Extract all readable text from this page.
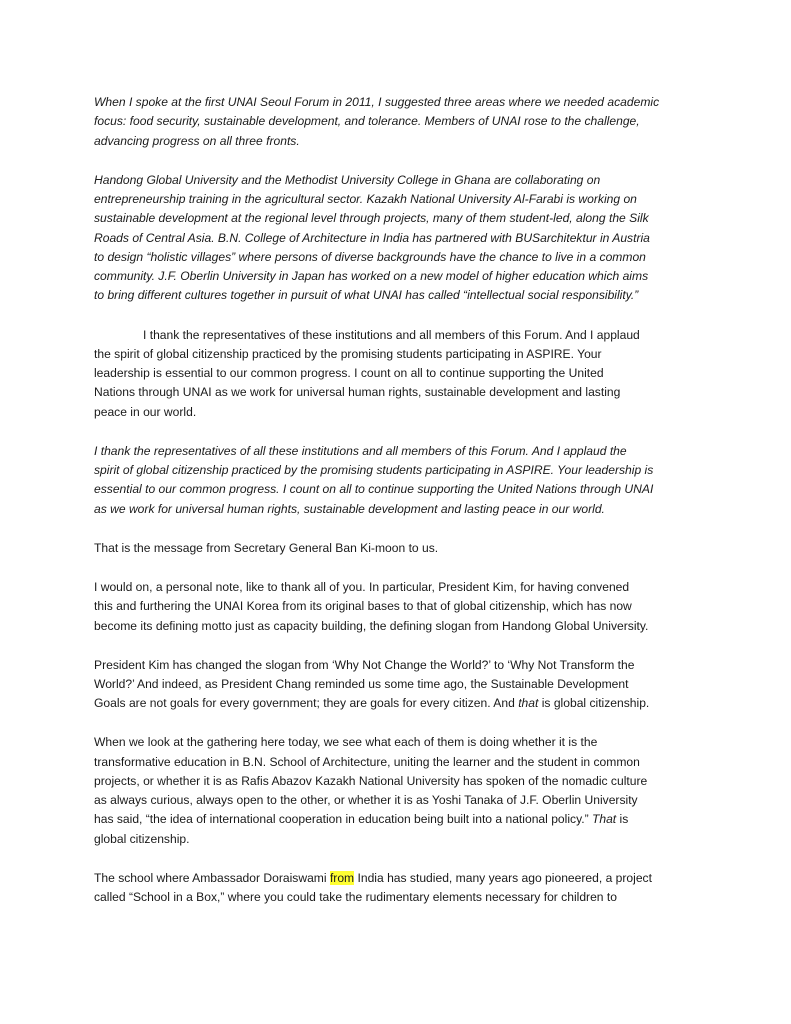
When I spoke at the first UNAI Seoul Forum in 2011, I suggested three areas where we needed academic
focus: food security, sustainable development, and tolerance. Members of UNAI rose to the challenge,
advancing progress on all three fronts.

Handong Global University and the Methodist University College in Ghana are collaborating on
entrepreneurship training in the agricultural sector. Kazakh National University Al-Farabi is working on
sustainable development at the regional level through projects, many of them student-led, along the Silk
Roads of Central Asia. B.N. College of Architecture in India has partnered with BUSarchitektur in Austria
to design “holistic villages” where persons of diverse backgrounds have the chance to live in a common
community. J.F. Oberlin University in Japan has worked on a new model of higher education which aims
to bring different cultures together in pursuit of what UNAI has called “intellectual social responsibility.”

I thank the representatives of these institutions and all members of this Forum. And I applaud
the spirit of global citizenship practiced by the promising students participating in ASPIRE. Your
leadership is essential to our common progress. I count on all to continue supporting the United
Nations through UNAI as we work for universal human rights, sustainable development and lasting
peace in our world.

I thank the representatives of all these institutions and all members of this Forum. And I applaud the
spirit of global citizenship practiced by the promising students participating in ASPIRE. Your leadership is
essential to our common progress. I count on all to continue supporting the United Nations through UNAI
as we work for universal human rights, sustainable development and lasting peace in our world.

That is the message from Secretary General Ban Ki-moon to us.

I would on, a personal note, like to thank all of you. In particular, President Kim, for having convened
this and furthering the UNAI Korea from its original bases to that of global citizenship, which has now
become its defining motto just as capacity building, the defining slogan from Handong Global University.

President Kim has changed the slogan from ‘Why Not Change the World?’ to ‘Why Not Transform the
World?’ And indeed, as President Chang reminded us some time ago, the Sustainable Development
Goals are not goals for every government; they are goals for every citizen. And that is global citizenship.

When we look at the gathering here today, we see what each of them is doing whether it is the
transformative education in B.N. School of Architecture, uniting the learner and the student in common
projects, or whether it is as Rafis Abazov Kazakh National University has spoken of the nomadic culture
as always curious, always open to the other, or whether it is as Yoshi Tanaka of J.F. Oberlin University
has said, “the idea of international cooperation in education being built into a national policy.” That is
global citizenship.

The school where Ambassador Doraiswami from India has studied, many years ago pioneered, a project
called “School in a Box,” where you could take the rudimentary elements necessary for children to
